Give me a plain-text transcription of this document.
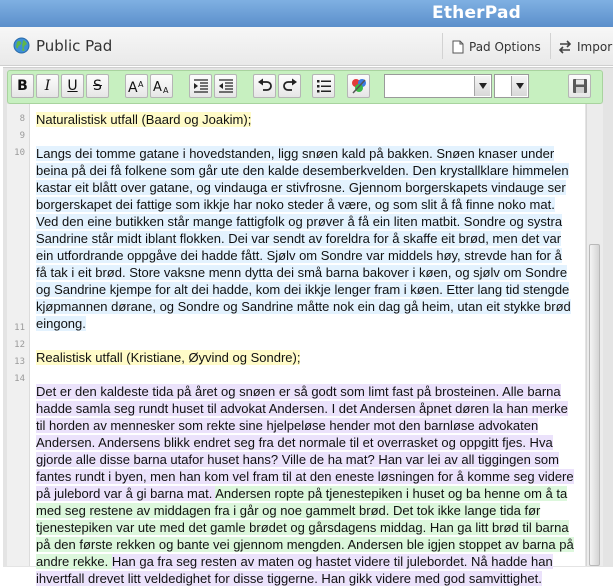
EtherPad
Public Pad	Pad Options	Impor
B	I	U	S	A A A A
8
9
10
11
12
13
14

Naturalistisk utfall (Baard og Joakim);

Langs dei tomme gatane i hovedstanden, ligg snøen kald på bakken. Snøen knaser under beina på dei få folkene som går ute den kalde desemberkvelden. Den krystallklare himmelen kastar eit blått over gatane, og vindauga er stivfrosne. Gjennom borgerskapets vindauge ser borgerskapet dei fattige som ikkje har noko steder å være, og som slit å få finne noko mat. Ved den eine butikken står mange fattigfolk og prøver å få ein liten matbit. Sondre og systra Sandrine står midt iblant flokken. Dei var sendt av foreldra for å skaffe eit brød, men det var ein utfordrande oppgåve dei hadde fått. Sjølv om Sondre var middels høy, strevde han for å få tak i eit brød. Store vaksne menn dytta dei små barna bakover i køen, og sjølv om Sondre og Sandrine kjempe for alt dei hadde, kom dei ikkje lenger fram i køen. Etter lang tid stengde kjøpmannen dørane, og Sondre og Sandrine måtte nok ein dag gå heim, utan eit stykke brød eingong.

Realistisk utfall (Kristiane, Øyvind og Sondre);

Det er den kaldeste tida på året og snøen er så godt som limt fast på brosteinen. Alle barna hadde samla seg rundt huset til advokat Andersen. I det Andersen åpnet døren la han merke til horden av mennesker som rekte sine hjelpeløse hender mot den barnløse advokaten Andersen. Andersens blikk endret seg fra det normale til et overrasket og oppgitt fjes. Hva gjorde alle disse barna utafor huset hans? Ville de ha mat? Han var lei av all tiggingen som fantes rundt i byen, men han kom vel fram til at den eneste løsningen for å komme seg videre på julebord var å gi barna mat. Andersen ropte på tjenestepiken i huset og ba henne om å ta med seg restene av middagen fra i går og noe gammelt brød. Det tok ikke lange tida før tjenestepiken var ute med det gamle brødet og gårsdagens middag. Han ga litt brød til barna på den første rekken og bante vei gjennom mengden. Andersen ble igjen stoppet av barna på andre rekke. Han ga fra seg resten av maten og hastet videre til julebordet. Nå hadde han ihvertfall drevet litt veldedighet for disse tiggerne. Han gikk videre med god samvittighet.
